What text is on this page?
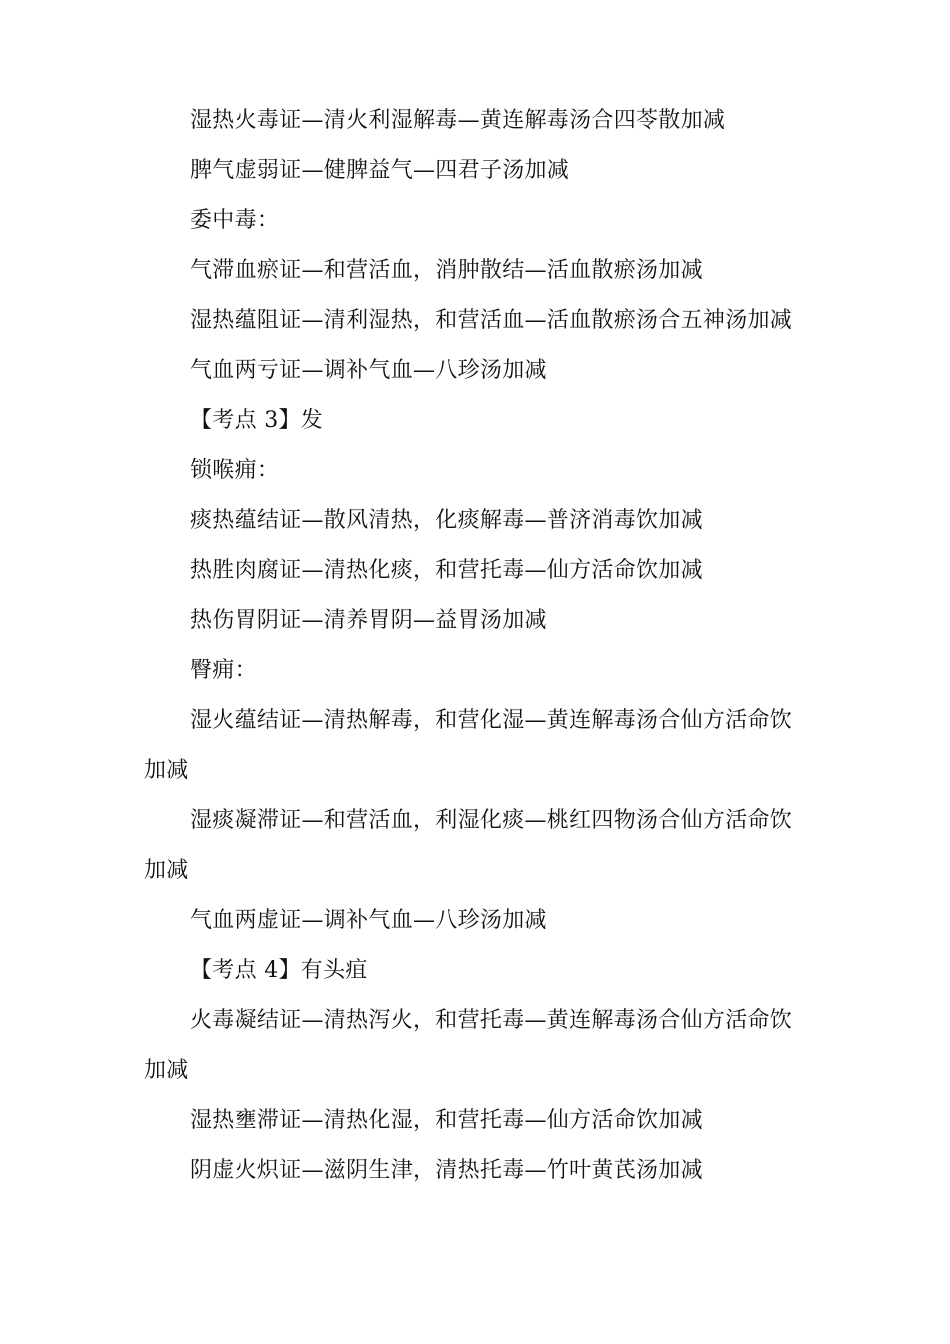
湿热火毒证—清火利湿解毒—黄连解毒汤合四苓散加减

脾气虚弱证—健脾益气—四君子汤加减

委中毒：

气滞血瘀证—和营活血，消肿散结—活血散瘀汤加减

湿热蕴阻证—清利湿热，和营活血—活血散瘀汤合五神汤加减

气血两亏证—调补气血—八珍汤加减

【考点 3】发

锁喉痈：

痰热蕴结证—散风清热，化痰解毒—普济消毒饮加减

热胜肉腐证—清热化痰，和营托毒—仙方活命饮加减

热伤胃阴证—清养胃阴—益胃汤加减

臀痈：

湿火蕴结证—清热解毒，和营化湿—黄连解毒汤合仙方活命饮加减

湿痰凝滞证—和营活血，利湿化痰—桃红四物汤合仙方活命饮加减

气血两虚证—调补气血—八珍汤加减

【考点 4】有头疽

火毒凝结证—清热泻火，和营托毒—黄连解毒汤合仙方活命饮加减

湿热壅滞证—清热化湿，和营托毒—仙方活命饮加减

阴虚火炽证—滋阴生津，清热托毒—竹叶黄芪汤加减
